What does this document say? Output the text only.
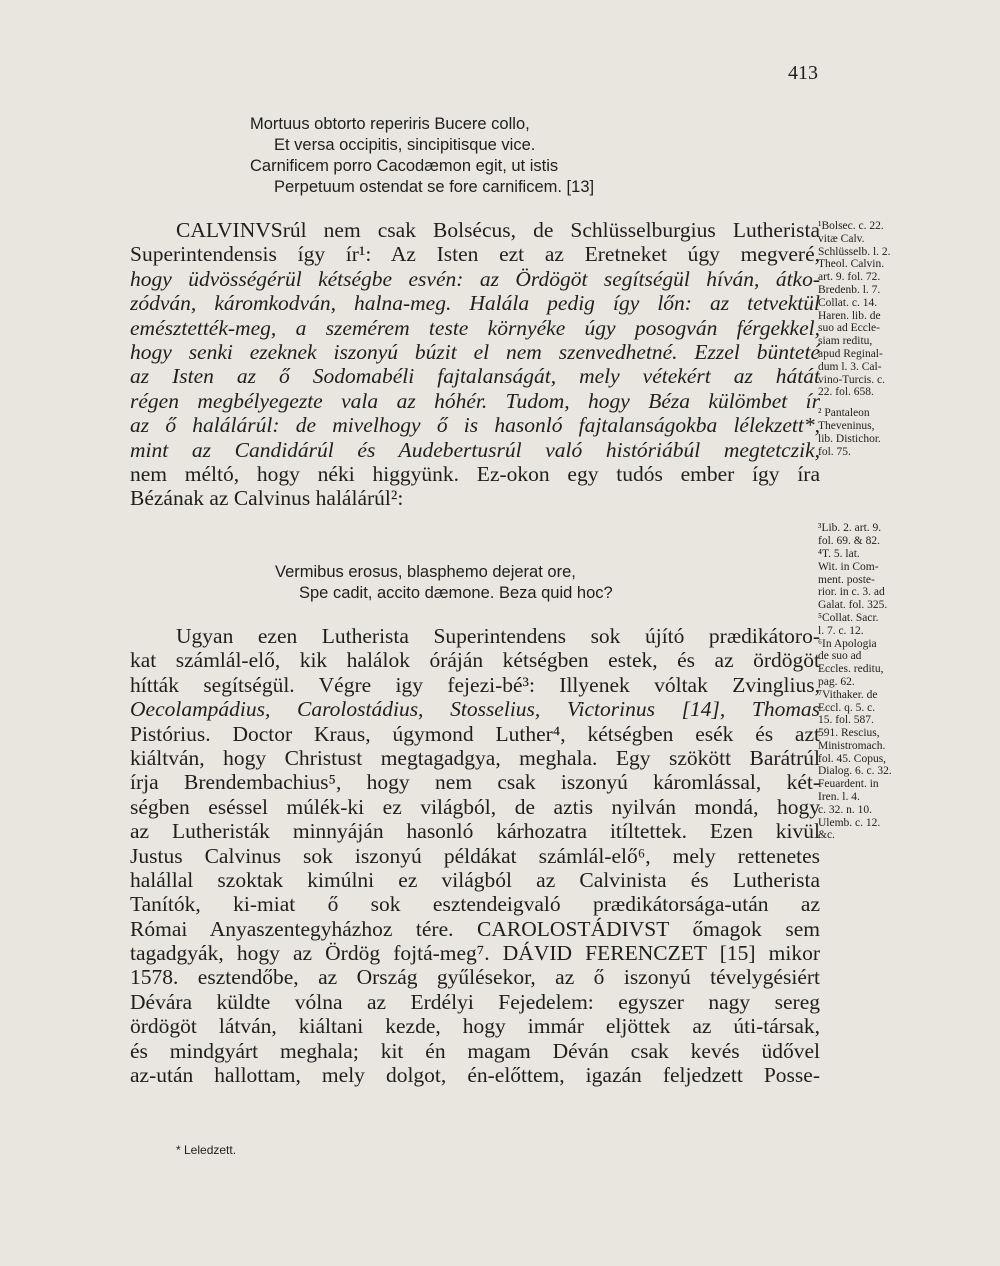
413
Mortuus obtorto reperiris Bucere collo,
Et versa occipitis, sincipitisque vice.
Carnificem porro Cacodæmon egit, ut istis
Perpetuum ostendat se fore carnificem. [13]
CALVINVSrúl nem csak Bolsécus, de Schlüsselburgius Lutherista
Superintendensis így ír¹: Az Isten ezt az Eretneket úgy megveré,
hogy üdvösségérül kétségbe esvén: az Ördögöt segítségül híván, átko-
zódván, káromkodván, halna-meg. Halála pedig így lőn: az tetvektül
emésztették-meg, a szemérem teste környéke úgy posogván férgekkel,
hogy senki ezeknek iszonyú búzit el nem szenvedhetné. Ezzel bünteté
az Isten az ő Sodomabéli fajtalanságát, mely vétekért az hátát
régen megbélyegezte vala az hóhér. Tudom, hogy Béza külömbet ír
az ő halálárúl: de mivelhogy ő is hasonló fajtalanságokba lélekzett*,
mint az Candidárúl és Audebertusrúl való históriábúl megtetczik,
nem méltó, hogy néki higgyünk. Ez-okon egy tudós ember így íra
Bézának az Calvinus halálárúl²:
Vermibus erosus, blasphemo dejerat ore,
Spe cadit, accito dæmone. Beza quid hoc?
Ugyan ezen Lutherista Superintendens sok újító prædikátoro-
kat számlál-elő, kik halálok óráján kétségben estek, és az ördögöt
hítták segítségül. Végre igy fejezi-bé³: Illyenek vóltak Zvinglius,
Oecolampádius, Carolostádius, Stosselius, Victorinus [14], Thomas
Pistórius. Doctor Kraus, úgymond Luther⁴, kétségben esék és azt
kiáltván, hogy Christust megtagadgya, meghala. Egy szökött Barátrúl
írja Brendembachius⁵, hogy nem csak iszonyú káromlással, két-
ségben eséssel múlék-ki ez világból, de aztis nyilván mondá, hogy
az Lutheristák minnyáján hasonló kárhozatra itíltettek. Ezen kivül
Justus Calvinus sok iszonyú példákat számlál-elő⁶, mely rettenetes
halállal szoktak kimúlni ez világból az Calvinista és Lutherista
Tanítók, ki-miat ő sok esztendeigvaló prædikátorsága-után az
Római Anyaszentegyházhoz tére. CAROLOSTÁDIVST őmagok sem
tagadgyák, hogy az Ördög fojtá-meg⁷. DÁVID FERENCZET [15] mikor
1578. esztendőbe, az Ország gyűlésekor, az ő iszonyú tévelygésiért
Dévára küldte vólna az Erdélyi Fejedelem: egyszer nagy sereg
ördögöt látván, kiáltani kezde, hogy immár eljöttek az úti-társak,
és mindgyárt meghala; kit én magam Déván csak kevés üdővel
az-után hallottam, mely dolgot, én-előttem, igazán feljedzett Posse-
¹Bolsec. c. 22.
vitæ Calv.
Schlüsselb. l. 2.
Theol. Calvin.
art. 9. fol. 72.
Bredenb. l. 7.
Collat. c. 14.
Haren. lib. de
suo ad Eccle-
siam reditu,
apud Reginal-
dum l. 3. Cal-
vino-Turcis. c.
22. fol. 658.
² Pantaleon
Theveninus,
lib. Distichor.
fol. 75.
³Lib. 2. art. 9.
fol. 69. & 82.
⁴T. 5. lat.
Wit. in Com-
ment. poste-
rior. in c. 3. ad
Galat. fol. 325.
⁵Collat. Sacr.
l. 7. c. 12.
⁶In Apologia
de suo ad
Eccles. reditu,
pag. 62.
⁷Vithaker. de
Eccl. q. 5. c.
15. fol. 587.
591. Rescius,
Ministromach.
fol. 45. Copus,
Dialog. 6. c. 32.
Feuardent. in
Iren. l. 4.
c. 32. n. 10.
Ulemb. c. 12.
&c.
* Leledzett.
